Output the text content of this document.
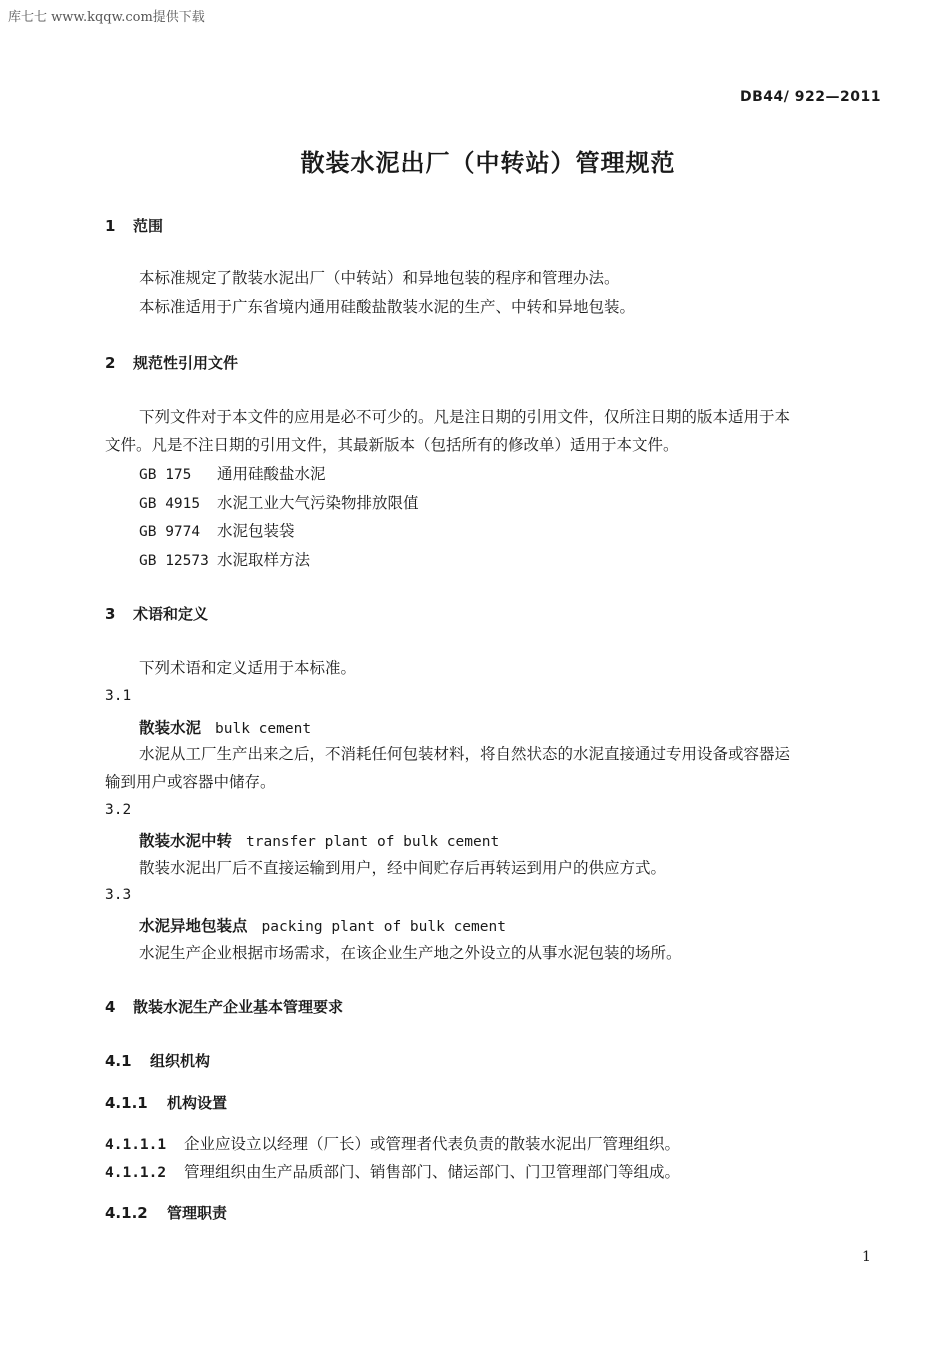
库七七 www.kqqw.com提供下载
DB44/ 922—2011
散装水泥出厂（中转站）管理规范
1 范围
本标准规定了散装水泥出厂（中转站）和异地包装的程序和管理办法。
本标准适用于广东省境内通用硅酸盐散装水泥的生产、中转和异地包装。
2 规范性引用文件
下列文件对于本文件的应用是必不可少的。凡是注日期的引用文件，仅所注日期的版本适用于本
文件。凡是不注日期的引用文件，其最新版本（包括所有的修改单）适用于本文件。
GB 175 通用硅酸盐水泥
GB 4915 水泥工业大气污染物排放限值
GB 9774 水泥包装袋
GB 12573 水泥取样方法
3 术语和定义
下列术语和定义适用于本标准。
3.1
散装水泥 bulk cement
水泥从工厂生产出来之后，不消耗任何包装材料，将自然状态的水泥直接通过专用设备或容器运
输到用户或容器中储存。
3.2
散装水泥中转 transfer plant of bulk cement
散装水泥出厂后不直接运输到用户，经中间贮存后再转运到用户的供应方式。
3.3
水泥异地包装点 packing plant of bulk cement
水泥生产企业根据市场需求，在该企业生产地之外设立的从事水泥包装的场所。
4 散装水泥生产企业基本管理要求
4.1 组织机构
4.1.1 机构设置
4.1.1.1 企业应设立以经理（厂长）或管理者代表负责的散装水泥出厂管理组织。
4.1.1.2 管理组织由生产品质部门、销售部门、储运部门、门卫管理部门等组成。
4.1.2 管理职责
1
